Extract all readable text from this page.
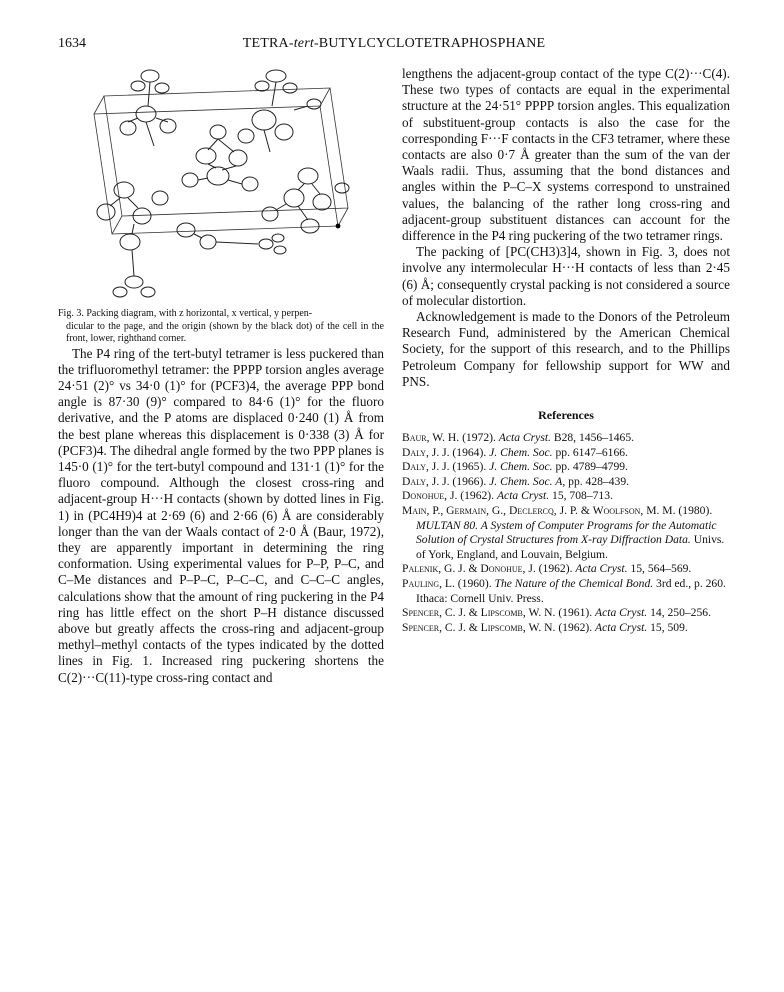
1634	TETRA-tert-BUTYLCYCLOTETRAPHOSPHANE
Fig. 3. Packing diagram, with z horizontal, x vertical, y perpen-
dicular to the page, and the origin (shown by the black dot) of the cell in the front, lower, righthand corner.

The P4 ring of the tert-butyl tetramer is less puckered than the trifluoromethyl tetramer: the PPPP torsion angles average 24·51 (2)° vs 34·0 (1)° for (PCF3)4, the average PPP bond angle is 87·30 (9)° compared to 84·6 (1)° for the fluoro derivative, and the P atoms are displaced 0·240 (1) Å from the best plane whereas this displacement is 0·338 (3) Å for (PCF3)4. The dihedral angle formed by the two PPP planes is 145·0 (1)° for the tert-butyl compound and 131·1 (1)° for the fluoro compound. Although the closest cross-ring and adjacent-group H···H contacts (shown by dotted lines in Fig. 1) in (PC4H9)4 at 2·69 (6) and 2·66 (6) Å are considerably longer than the van der Waals contact of 2·0 Å (Baur, 1972), they are apparently important in determining the ring conformation. Using experimental values for P–P, P–C, and C–Me distances and P–P–C, P–C–C, and C–C–C angles, calculations show that the amount of ring puckering in the P4 ring has little effect on the short P–H distance discussed above but greatly affects the cross-ring and adjacent-group methyl–methyl contacts of the types indicated by the dotted lines in Fig. 1. Increased ring puckering shortens the C(2)···C(11)-type cross-ring contact and

lengthens the adjacent-group contact of the type C(2)···C(4). These two types of contacts are equal in the experimental structure at the 24·51° PPPP torsion angles. This equalization of substituent-group contacts is also the case for the corresponding F···F contacts in the CF3 tetramer, where these contacts are also 0·7 Å greater than the sum of the van der Waals radii. Thus, assuming that the bond distances and angles within the P–C–X systems correspond to unstrained values, the balancing of the rather long cross-ring and adjacent-group substituent distances can account for the difference in the P4 ring puckering of the two tetramer rings.

The packing of [PC(CH3)3]4, shown in Fig. 3, does not involve any intermolecular H···H contacts of less than 2·45 (6) Å; consequently crystal packing is not considered a source of molecular distortion.

Acknowledgement is made to the Donors of the Petroleum Research Fund, administered by the American Chemical Society, for the support of this research, and to the Phillips Petroleum Company for fellowship support for WW and PNS.

References

Baur, W. H. (1972). Acta Cryst. B28, 1456–1465.

Daly, J. J. (1964). J. Chem. Soc. pp. 6147–6166.

Daly, J. J. (1965). J. Chem. Soc. pp. 4789–4799.

Daly, J. J. (1966). J. Chem. Soc. A, pp. 428–439.

Donohue, J. (1962). Acta Cryst. 15, 708–713.

Main, P., Germain, G., Declercq, J. P. & Woolfson, M. M. (1980). MULTAN 80. A System of Computer Programs for the Automatic Solution of Crystal Structures from X-ray Diffraction Data. Univs. of York, England, and Louvain, Belgium.

Palenik, G. J. & Donohue, J. (1962). Acta Cryst. 15, 564–569.

Pauling, L. (1960). The Nature of the Chemical Bond. 3rd ed., p. 260. Ithaca: Cornell Univ. Press.

Spencer, C. J. & Lipscomb, W. N. (1961). Acta Cryst. 14, 250–256.

Spencer, C. J. & Lipscomb, W. N. (1962). Acta Cryst. 15, 509.
